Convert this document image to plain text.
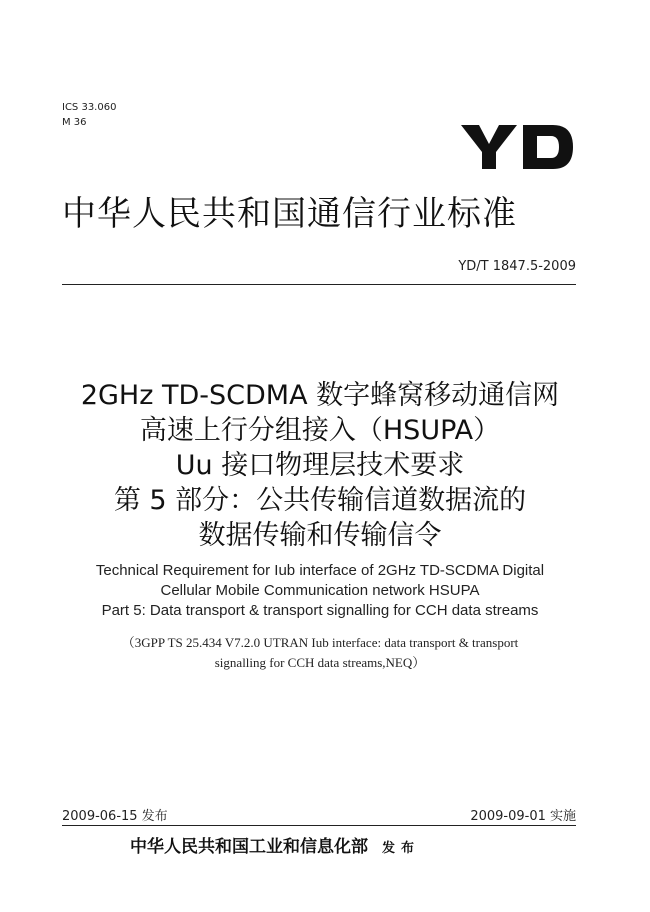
ICS 33.060
M 36
中华人民共和国通信行业标准
YD/T 1847.5-2009
2GHz TD-SCDMA 数字蜂窝移动通信网
高速上行分组接入（HSUPA）
Uu 接口物理层技术要求
第 5 部分：公共传输信道数据流的
数据传输和传输信令
Technical Requirement for Iub interface of 2GHz TD-SCDMA Digital
Cellular Mobile Communication network HSUPA
Part 5: Data transport & transport signalling for CCH data streams
（3GPP TS 25.434 V7.2.0 UTRAN Iub interface: data transport & transport
signalling for CCH data streams,NEQ）
2009-06-15 发布	2009-09-01 实施
中华人民共和国工业和信息化部 发布
